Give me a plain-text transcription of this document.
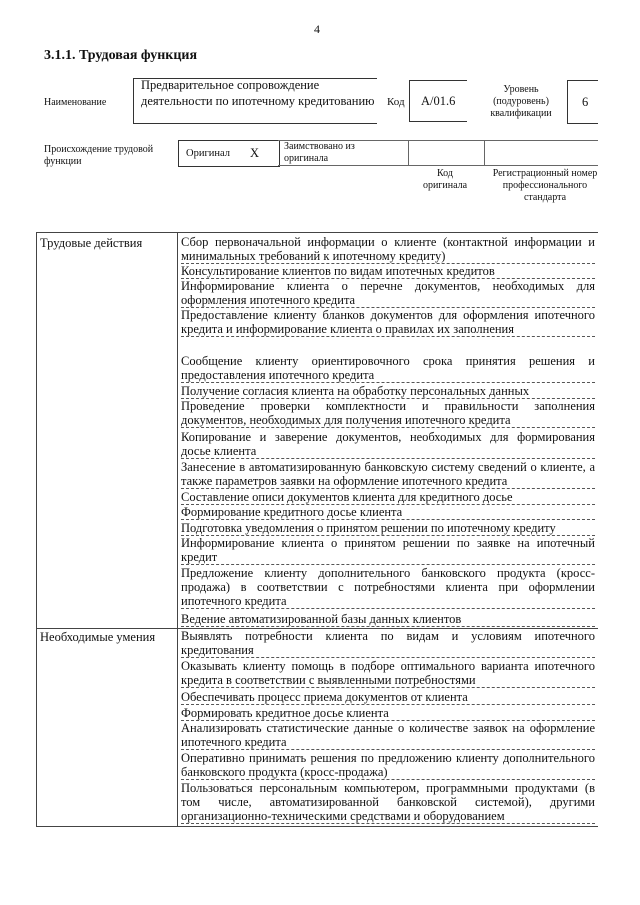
4
3.1.1. Трудовая функция
Наименование
Предварительное сопровождение деятельности по ипотечному кредитованию Код A/01.6
Уровень (подуровень) квалификации
6
Происхождение трудовой функции
Оригинал X Заимствовано из оригинала
Код оригинала
Регистрационный номер профессионального стандарта
Трудовые действия	Сбор первоначальной информации о клиенте (контактной информации и минимальных требований к ипотечному кредиту)
Консультирование клиентов по видам ипотечных кредитов
Информирование клиента о перечне документов, необходимых для оформления ипотечного кредита
Предоставление клиенту бланков документов для оформления ипотечного кредита и информирование клиента о правилах их заполнения
Сообщение клиенту ориентировочного срока принятия решения и предоставления ипотечного кредита
Получение согласия клиента на обработку персональных данных
Проведение проверки комплектности и правильности заполнения документов, необходимых для получения ипотечного кредита
Копирование и заверение документов, необходимых для формирования досье клиента
Занесение в автоматизированную банковскую систему сведений о клиенте, а также параметров заявки на оформление ипотечного кредита
Составление описи документов клиента для кредитного досье
Формирование кредитного досье клиента
Подготовка уведомления о принятом решении по ипотечному кредиту
Информирование клиента о принятом решении по заявке на ипотечный кредит
Предложение клиенту дополнительного банковского продукта (кросс-продажа) в соответствии с потребностями клиента при оформлении ипотечного кредита
Ведение автоматизированной базы данных клиентов
Необходимые умения Выявлять потребности клиента по видам и условиям ипотечного кредитования
Оказывать клиенту помощь в подборе оптимального варианта ипотечного кредита в соответствии с выявленными потребностями
Обеспечивать процесс приема документов от клиента
Формировать кредитное досье клиента
Анализировать статистические данные о количестве заявок на оформление ипотечного кредита
Оперативно принимать решения по предложению клиенту дополнительного банковского продукта (кросс-продажа)
Пользоваться персональным компьютером, программными продуктами (в том числе, автоматизированной банковской системой), другими организационно-техническими средствами и оборудованием
